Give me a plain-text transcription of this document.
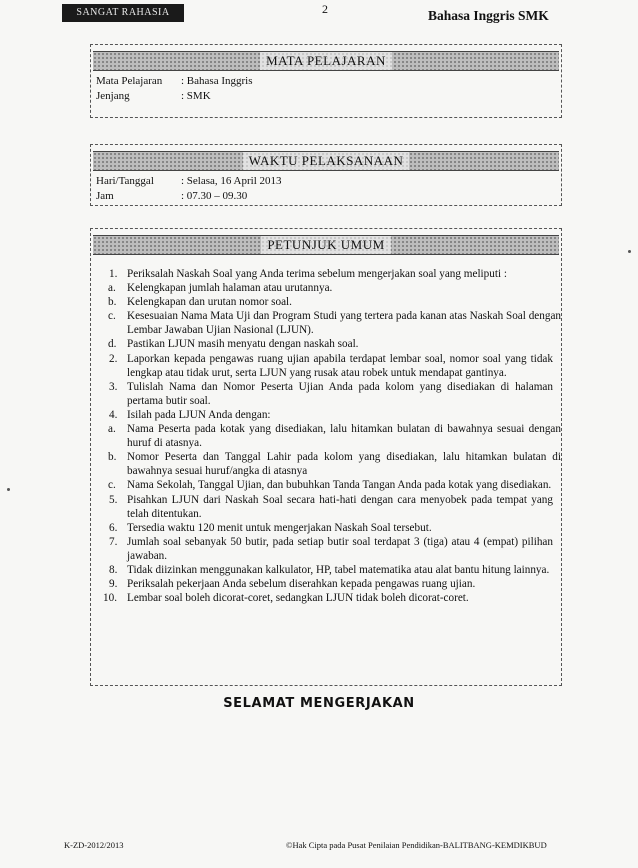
SANGAT RAHASIA	2	Bahasa Inggris SMK
MATA PELAJARAN
Mata Pelajaran : Bahasa Inggris
Jenjang	: SMK
WAKTU PELAKSANAAN
Hari/Tanggal : Selasa, 16 April 2013
Jam	: 07.30 – 09.30
PETUNJUK UMUM
1. Periksalah Naskah Soal yang Anda terima sebelum mengerjakan soal yang meliputi :
a. Kelengkapan jumlah halaman atau urutannya.
b. Kelengkapan dan urutan nomor soal.
c. Kesesuaian Nama Mata Uji dan Program Studi yang tertera pada kanan atas Naskah Soal dengan Lembar Jawaban Ujian Nasional (LJUN).
d. Pastikan LJUN masih menyatu dengan naskah soal.
2. Laporkan kepada pengawas ruang ujian apabila terdapat lembar soal, nomor soal yang tidak lengkap atau tidak urut, serta LJUN yang rusak atau robek untuk mendapat gantinya.
3. Tulislah Nama dan Nomor Peserta Ujian Anda pada kolom yang disediakan di halaman pertama butir soal.
4. Isilah pada LJUN Anda dengan:
a. Nama Peserta pada kotak yang disediakan, lalu hitamkan bulatan di bawahnya sesuai dengan huruf di atasnya.
b. Nomor Peserta dan Tanggal Lahir pada kolom yang disediakan, lalu hitamkan bulatan di bawahnya sesuai huruf/angka di atasnya
c. Nama Sekolah, Tanggal Ujian, dan bubuhkan Tanda Tangan Anda pada kotak yang disediakan.
5. Pisahkan LJUN dari Naskah Soal secara hati-hati dengan cara menyobek pada tempat yang telah ditentukan.
6. Tersedia waktu 120 menit untuk mengerjakan Naskah Soal tersebut.
7. Jumlah soal sebanyak 50 butir, pada setiap butir soal terdapat 3 (tiga) atau 4 (empat) pilihan jawaban.
8. Tidak diizinkan menggunakan kalkulator, HP, tabel matematika atau alat bantu hitung lainnya.
9. Periksalah pekerjaan Anda sebelum diserahkan kepada pengawas ruang ujian.
10. Lembar soal boleh dicorat-coret, sedangkan LJUN tidak boleh dicorat-coret.
SELAMAT MENGERJAKAN
K-ZD-2012/2013	©Hak Cipta pada Pusat Penilaian Pendidikan-BALITBANG-KEMDIKBUD
